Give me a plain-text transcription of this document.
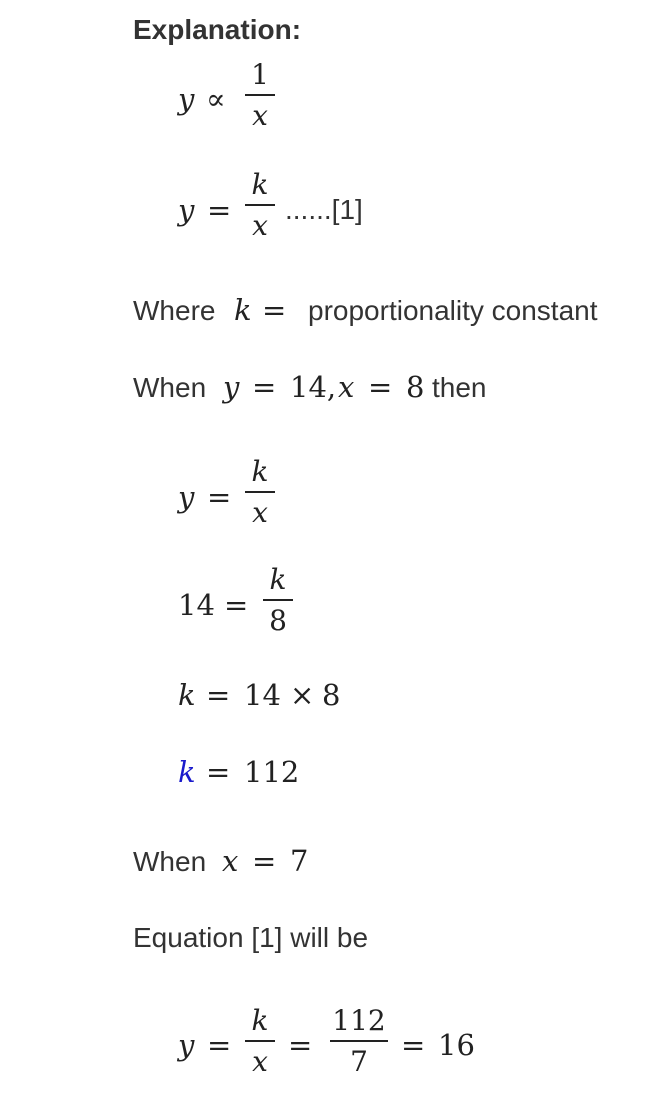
Explanation:
y ∝
1
x
y =
k
x ......[1]
Where k = proportionality constant
When y = 14, x = 8 then
y =
k
x
14 =
k
8
k = 14 × 8
k = 112
When x = 7
Equation [1] will be
y =
k
x =
112
7	= 16
